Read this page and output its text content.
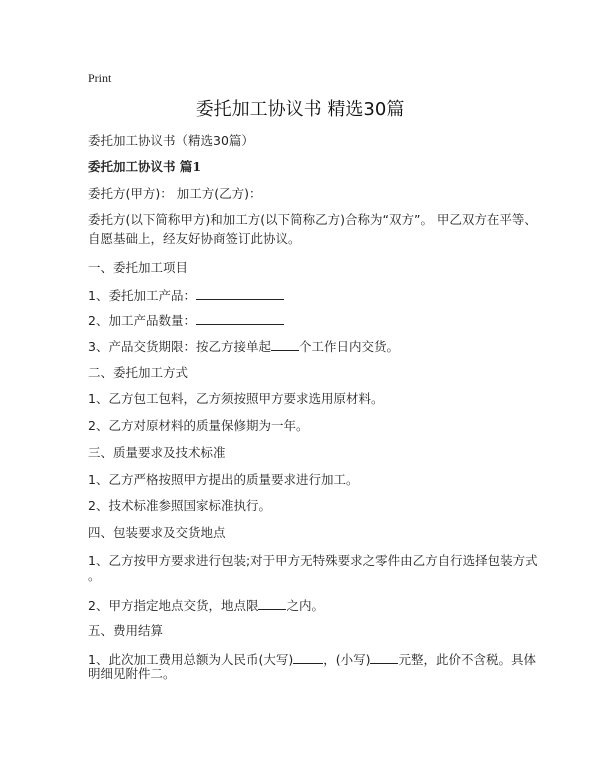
Print
委托加工协议书 精选30篇
委托加工协议书（精选30篇）
委托加工协议书 篇1
委托方(甲方)： 加工方(乙方)：
委托方(以下简称甲方)和加工方(以下简称乙方)合称为“双方”。 甲乙双方在平等、
自愿基础上，经友好协商签订此协议。
一、委托加工项目
1、委托加工产品：
2、加工产品数量：
3、产品交货期限：按乙方接单起 个工作日内交货。
二、委托加工方式
1、乙方包工包料，乙方须按照甲方要求选用原材料。
2、乙方对原材料的质量保修期为一年。
三、质量要求及技术标准
1、乙方严格按照甲方提出的质量要求进行加工。
2、技术标准参照国家标准执行。
四、包装要求及交货地点
1、乙方按甲方要求进行包装;对于甲方无特殊要求之零件由乙方自行选择包装方式
。
2、甲方指定地点交货，地点限 之内。
五、费用结算
1、此次加工费用总额为人民币(大写) ，(小写) 元整，此价不含税。具体
明细见附件二。
